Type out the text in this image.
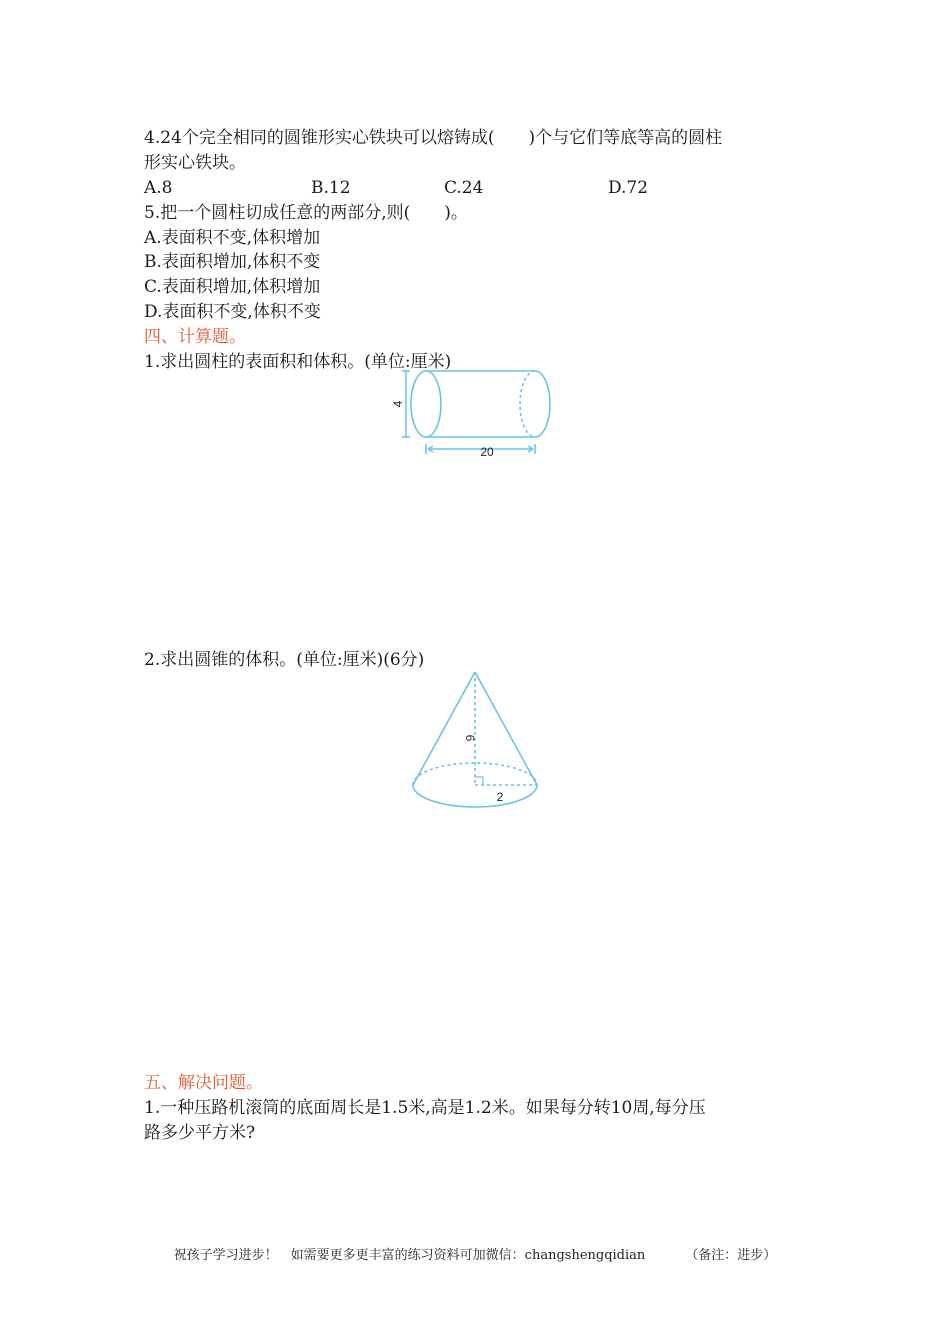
4.24个完全相同的圆锥形实心铁块可以熔铸成(　　)个与它们等底等高的圆柱
形实心铁块。
A.8	B.12	C.24	D.72
5.把一个圆柱切成任意的两部分,则(　　)。
A.表面积不变,体积增加
B.表面积增加,体积不变
C.表面积增加,体积增加
D.表面积不变,体积不变
四、计算题。
1.求出圆柱的表面积和体积。(单位:厘米)
4
20
2.求出圆锥的体积。(单位:厘米)(6分)
6
2
五、解决问题。
1.一种压路机滚筒的底面周长是1.5米,高是1.2米。如果每分转10周,每分压
路多少平方米?
祝孩子学习进步！　如需要更多更丰富的练习资料可加微信：changshengqidian	（备注：进步）
